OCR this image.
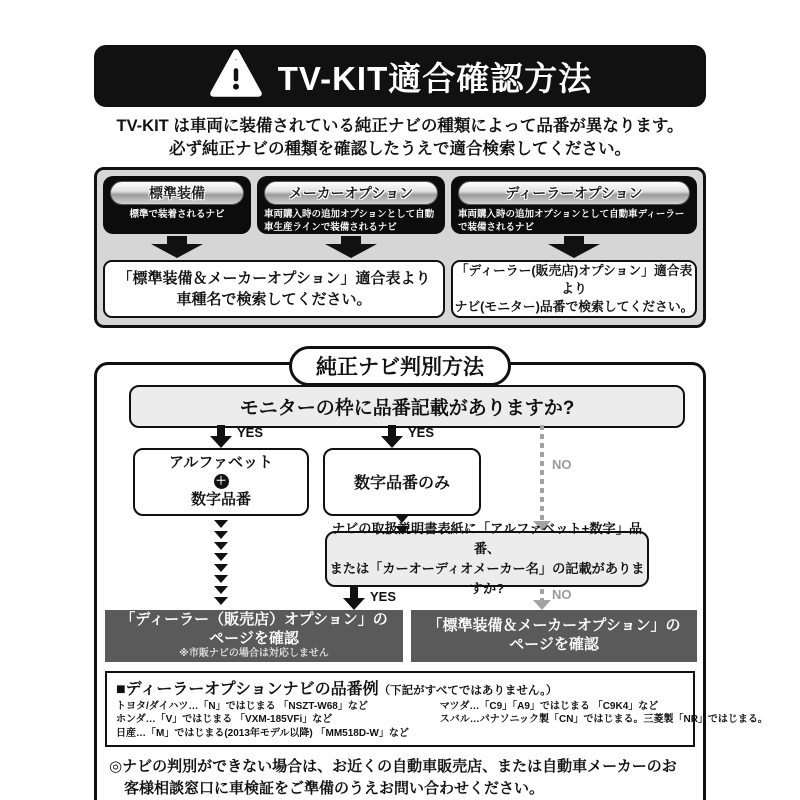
TV-KIT適合確認方法
TV-KIT は車両に装備されている純正ナビの種類によって品番が異なります。
必ず純正ナビの種類を確認したうえで適合検索してください。
標準装備
標準で装着されるナビ
メーカーオプション
車両購入時の追加オプションとして自動車生産ラインで装備されるナビ
ディーラーオプション
車両購入時の追加オプションとして自動車ディーラーで装備されるナビ
「標準装備＆メーカーオプション」適合表より
車種名で検索してください。
「ディーラー(販売店)オプション」適合表より
ナビ(モニター)品番で検索してください。
純正ナビ判別方法
モニターの枠に品番記載がありますか?
YES	YES
NO
アルファベット
＋
数字品番
数字品番のみ
ナビの取扱説明書表紙に「アルファベット+数字」品番、
または「カーオーディオメーカー名」の記載がありますか?
YES	NO
「ディーラー（販売店）オプション」の
ページを確認
※市販ナビの場合は対応しません
「標準装備＆メーカーオプション」の
ページを確認
■ディーラーオプションナビの品番例（下記がすべてではありません。）
トヨタ/ダイハツ…「N」ではじまる 「NSZT-W68」など
ホンダ…「V」ではじまる 「VXM-185VFi」など
日産…「M」ではじまる(2013年モデル以降) 「MM518D-W」など
マツダ…「C9」「A9」ではじまる 「C9K4」など
スバル…パナソニック製「CN」ではじまる。三菱製「NR」ではじまる。
◎ナビの判別ができない場合は、お近くの自動車販売店、または自動車メーカーのお客様相談窓口に車検証をご準備のうえお問い合わせください。
